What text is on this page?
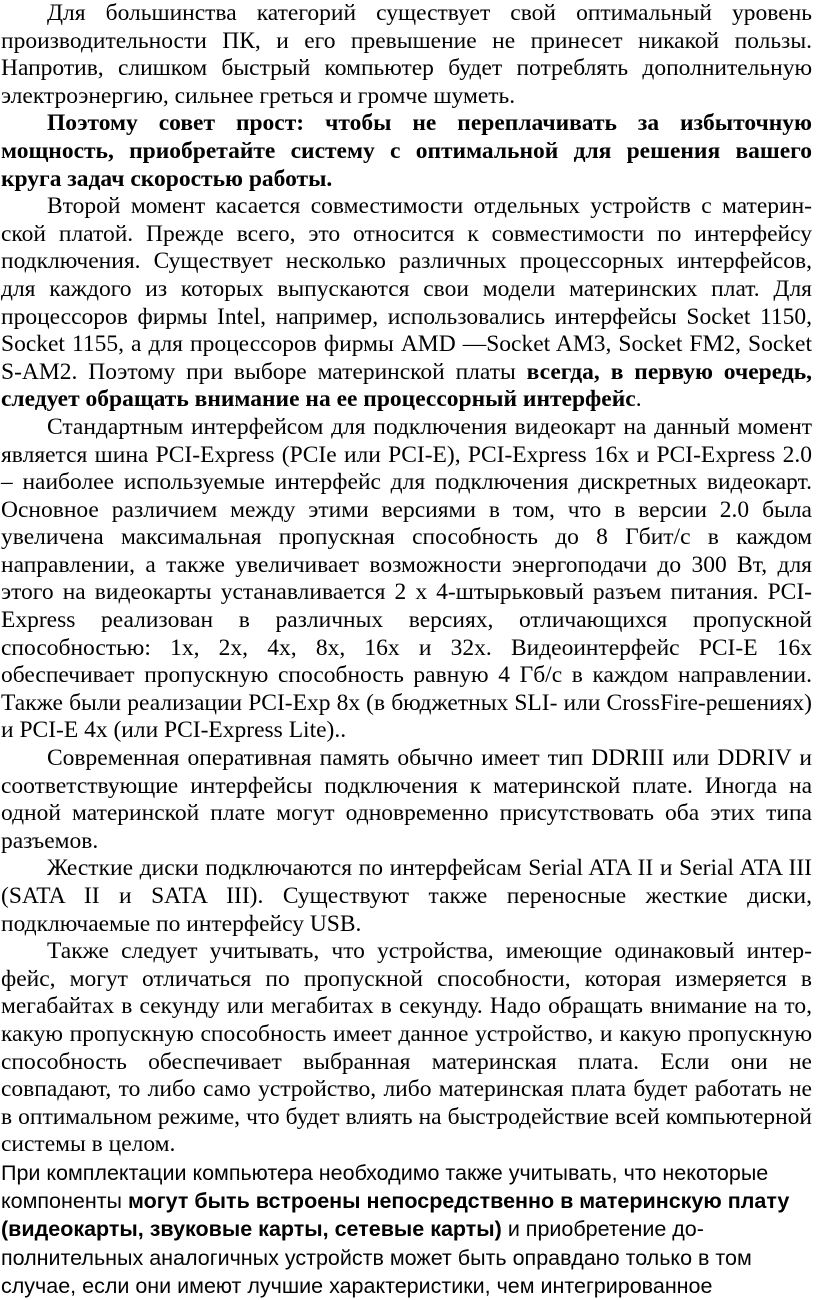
Для большинства категорий существует свой оптимальный уровень производительности ПК, и его превышение не принесет никакой пользы. Напротив, слишком быстрый компьютер будет потреблять дополнительную электроэнергию, сильнее греться и громче шуметь.

Поэтому совет прост: чтобы не переплачивать за избыточную мощность, приобретайте систему с оптимальной для решения вашего круга задач скоростью работы.

Второй момент касается совместимости отдельных устройств с материнской платой. Прежде всего, это относится к совместимости по интерфейсу подключения. Существует несколько различных процессорных интерфейсов, для каждого из которых выпускаются свои модели материнских плат. Для процессоров фирмы Intel, например, использовались интерфейсы Socket 1150, Socket 1155, а для процессоров фирмы AMD —Socket AM3, Socket FM2, Socket S-AM2. Поэтому при выборе материнской платы всегда, в первую очередь, следует обращать внимание на ее процессорный интерфейс.

Стандартным интерфейсом для подключения видеокарт на данный момент является шина PCI-Express (PCIe или PCI-E), PCI-Express 16x и PCI-Express 2.0 – наиболее используемые интерфейс для подключения дискретных видеокарт. Основное различием между этими версиями в том, что в версии 2.0 была увеличена максимальная пропускная способность до 8 Гбит/с в каждом направлении, а также увеличивает возможности энергоподачи до 300 Вт, для этого на видеокарты устанавливается 2 х 4-штырьковый разъем питания. PCI-Express реализован в различных версиях, отличающихся пропускной способностью: 1x, 2x, 4x, 8x, 16x и 32x. Видеоинтерфейс PCI-E 16x обеспечивает пропускную способность равную 4 Гб/с в каждом направлении. Также были реализации PCI-Exp 8x (в бюджетных SLI- или CrossFire-решениях) и PCI-E 4x (или PCI-Express Lite)..

Современная оперативная память обычно имеет тип DDRIII или DDRIV и соответствующие интерфейсы подключения к материнской плате. Иногда на одной материнской плате могут одновременно присутствовать оба этих типа разъемов.

Жесткие диски подключаются по интерфейсам Serial ATA II и Serial ATA III (SATA II и SATA III). Существуют также переносные жесткие диски, подключаемые по интерфейсу USB.

Также следует учитывать, что устройства, имеющие одинаковый интерфейс, могут отличаться по пропускной способности, которая измеряется в мегабайтах в секунду или мегабитах в секунду. Надо обращать внимание на то, какую пропускную способность имеет данное устройство, и какую пропускную способность обеспечивает выбранная материнская плата. Если они не совпадают, то либо само устройство, либо материнская плата будет работать не в оптимальном режиме, что будет влиять на быстродействие всей компьютерной системы в целом.

При комплектации компьютера необходимо также учитывать, что некоторые компоненты могут быть встроены непосредственно в материнскую плату (видеокарты, звуковые карты, сетевые карты) и приобретение дополнительных аналогичных устройств может быть оправдано только в том случае, если они имеют лучшие характеристики, чем интегрированное
